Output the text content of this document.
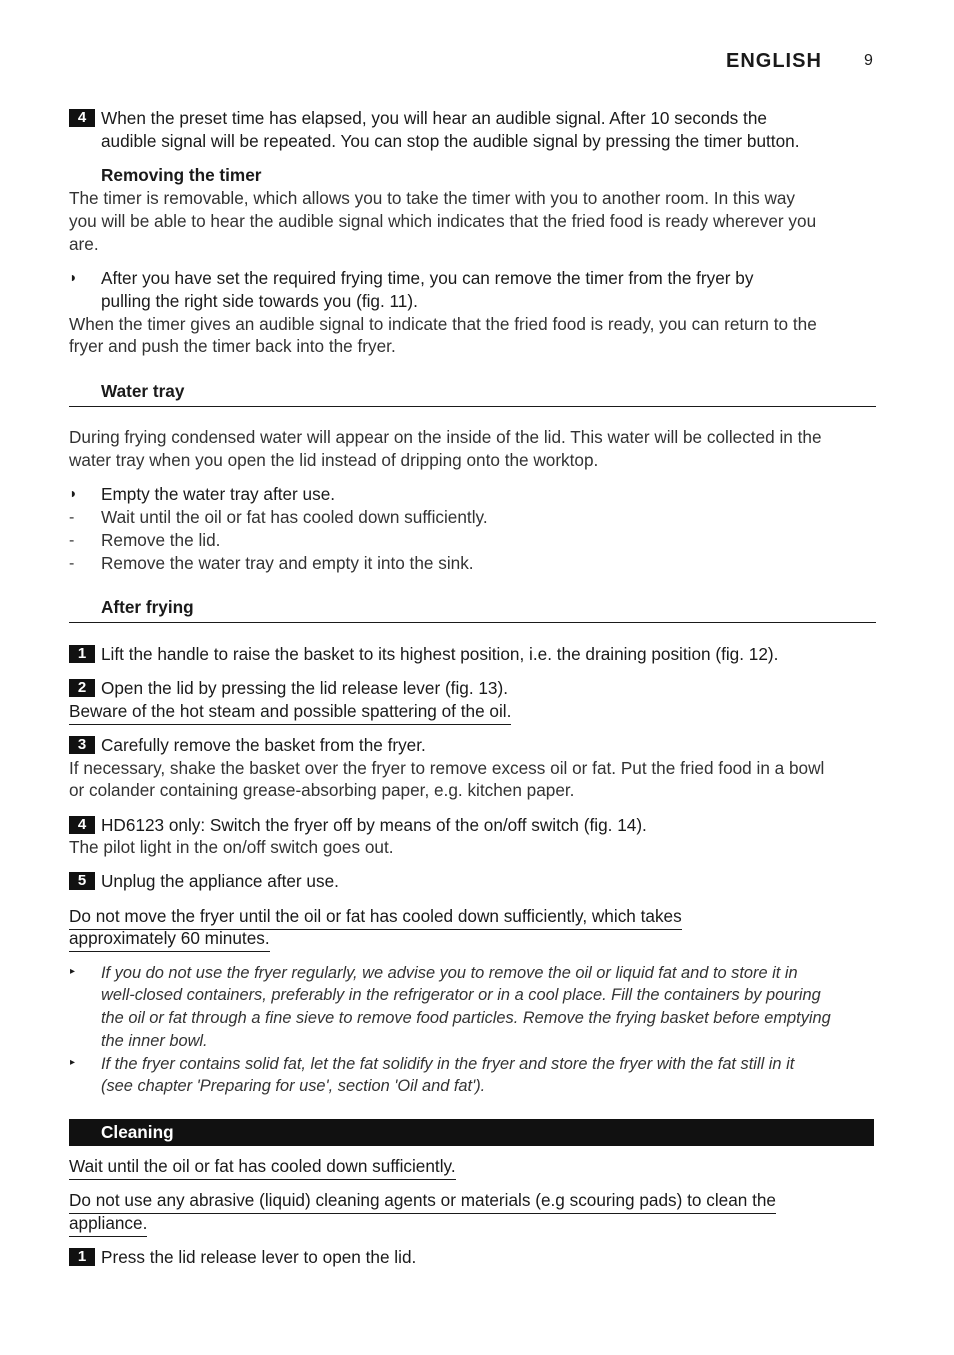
ENGLISH	9
4 When the preset time has elapsed, you will hear an audible signal. After 10 seconds the
audible signal will be repeated. You can stop the audible signal by pressing the timer button.
Removing the timer
The timer is removable, which allows you to take the timer with you to another room. In this way
you will be able to hear the audible signal which indicates that the fried food is ready wherever you
are.
◗ After you have set the required frying time, you can remove the timer from the fryer by
pulling the right side towards you (fig. 11).
When the timer gives an audible signal to indicate that the fried food is ready, you can return to the
fryer and push the timer back into the fryer.
Water tray
During frying condensed water will appear on the inside of the lid. This water will be collected in the
water tray when you open the lid instead of dripping onto the worktop.
◗ Empty the water tray after use.
- Wait until the oil or fat has cooled down sufficiently.
- Remove the lid.
- Remove the water tray and empty it into the sink.
After frying
1 Lift the handle to raise the basket to its highest position, i.e. the draining position (fig. 12).
2 Open the lid by pressing the lid release lever (fig. 13).
Beware of the hot steam and possible spattering of the oil.
3 Carefully remove the basket from the fryer.
If necessary, shake the basket over the fryer to remove excess oil or fat. Put the fried food in a bowl
or colander containing grease-absorbing paper, e.g. kitchen paper.
4 HD6123 only: Switch the fryer off by means of the on/off switch (fig. 14).
The pilot light in the on/off switch goes out.
5 Unplug the appliance after use.
Do not move the fryer until the oil or fat has cooled down sufficiently, which takes
approximately 60 minutes.
▸ If you do not use the fryer regularly, we advise you to remove the oil or liquid fat and to store it in
well-closed containers, preferably in the refrigerator or in a cool place. Fill the containers by pouring
the oil or fat through a fine sieve to remove food particles. Remove the frying basket before emptying
the inner bowl.
▸ If the fryer contains solid fat, let the fat solidify in the fryer and store the fryer with the fat still in it
(see chapter 'Preparing for use', section 'Oil and fat').
Cleaning
Wait until the oil or fat has cooled down sufficiently.
Do not use any abrasive (liquid) cleaning agents or materials (e.g scouring pads) to clean the
appliance.
1 Press the lid release lever to open the lid.
